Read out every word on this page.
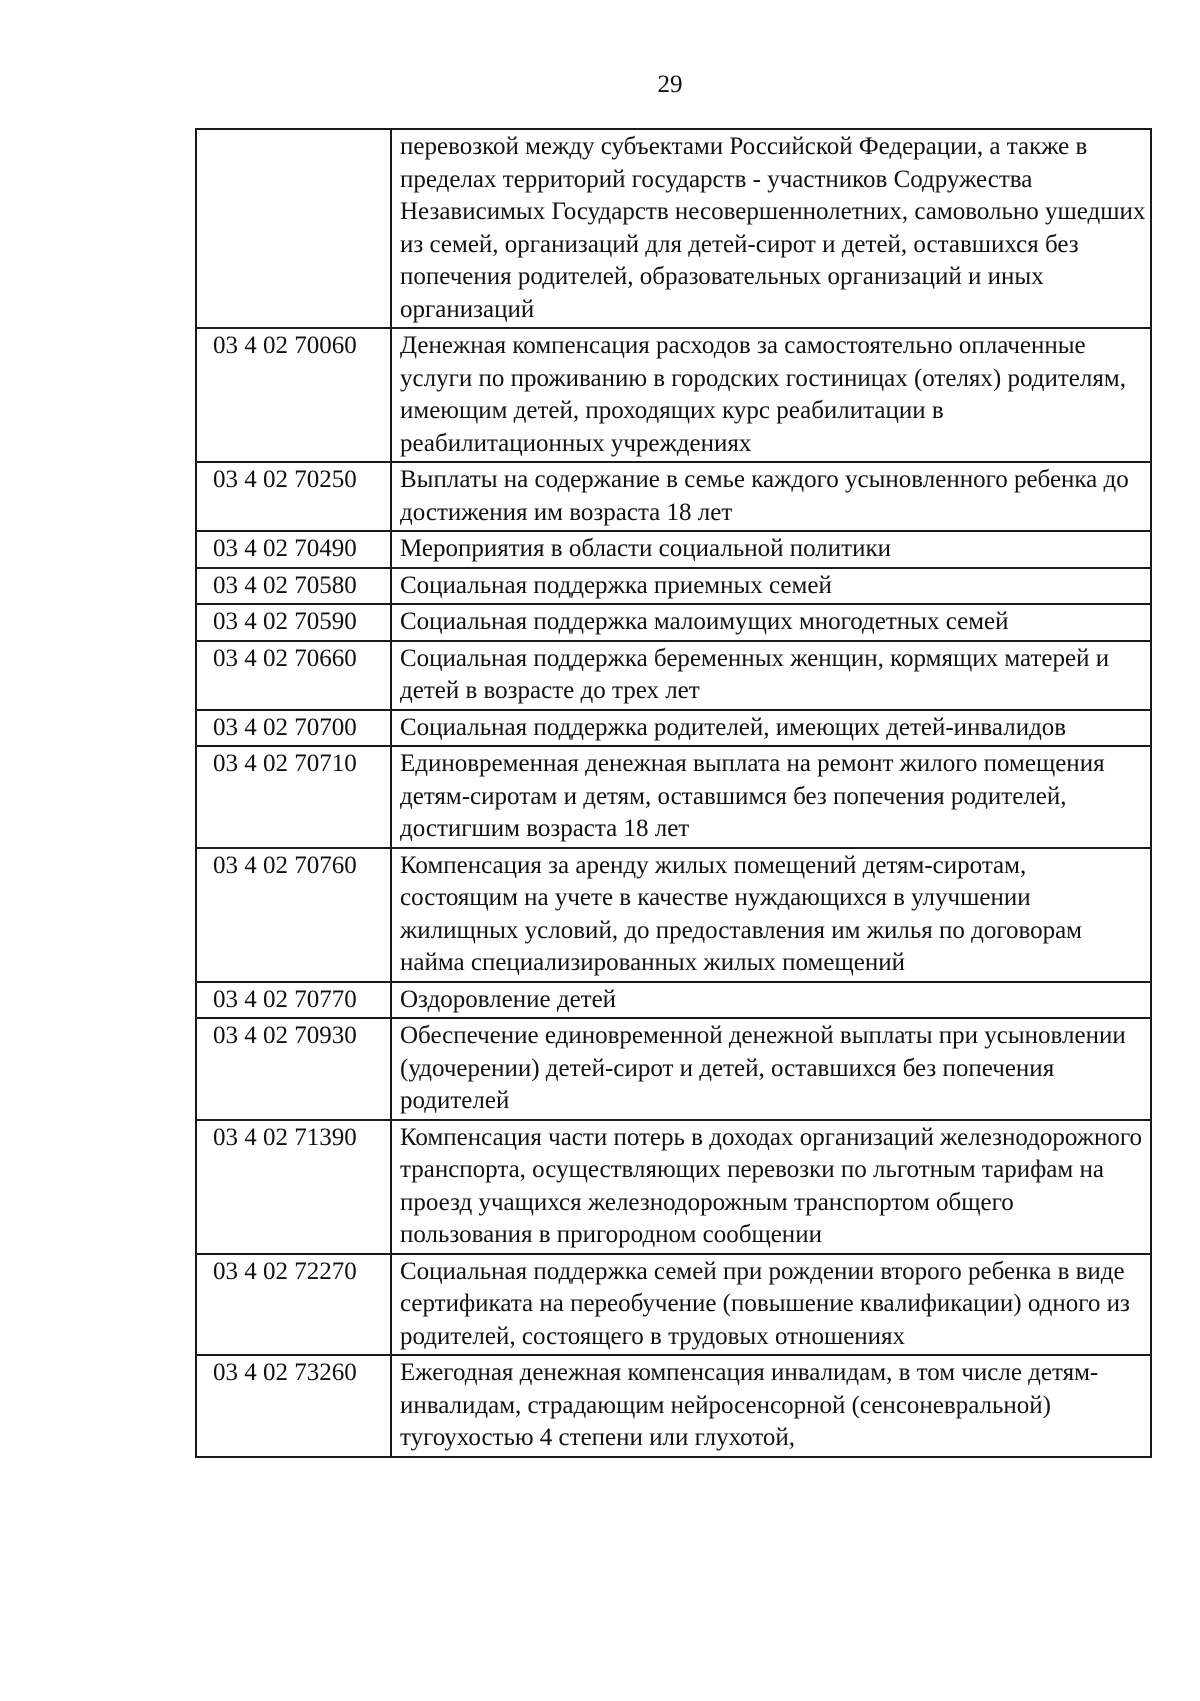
29
	перевозкой между субъектами Российской Федерации, а также в пределах территорий государств - участников Содружества Независимых Государств несовершеннолетних, самовольно ушедших из семей, организаций для детей-сирот и детей, оставшихся без попечения родителей, образовательных организаций и иных организаций
03 4 02 70060	Денежная компенсация расходов за самостоятельно оплаченные услуги по проживанию в городских гостиницах (отелях) родителям, имеющим детей, проходящих курс реабилитации в реабилитационных учреждениях
03 4 02 70250	Выплаты на содержание в семье каждого усыновленного ребенка до достижения им возраста 18 лет
03 4 02 70490	Мероприятия в области социальной политики
03 4 02 70580	Социальная поддержка приемных семей
03 4 02 70590	Социальная поддержка малоимущих многодетных семей
03 4 02 70660	Социальная поддержка беременных женщин, кормящих матерей и детей в возрасте до трех лет
03 4 02 70700	Социальная поддержка родителей, имеющих детей-инвалидов
03 4 02 70710	Единовременная денежная выплата на ремонт жилого помещения детям-сиротам и детям, оставшимся без попечения родителей, достигшим возраста 18 лет
03 4 02 70760	Компенсация за аренду жилых помещений детям-сиротам, состоящим на учете в качестве нуждающихся в улучшении жилищных условий, до предоставления им жилья по договорам найма специализированных жилых помещений
03 4 02 70770	Оздоровление детей
03 4 02 70930	Обеспечение единовременной денежной выплаты при усыновлении (удочерении) детей-сирот и детей, оставшихся без попечения родителей
03 4 02 71390	Компенсация части потерь в доходах организаций железнодорожного транспорта, осуществляющих перевозки по льготным тарифам на проезд учащихся железнодорожным транспортом общего пользования в пригородном сообщении
03 4 02 72270	Социальная поддержка семей при рождении второго ребенка в виде сертификата на переобучение (повышение квалификации) одного из родителей, состоящего в трудовых отношениях
03 4 02 73260	Ежегодная денежная компенсация инвалидам, в том числе детям-инвалидам, страдающим нейросенсорной (сенсоневральной) тугоухостью 4 степени или глухотой,
